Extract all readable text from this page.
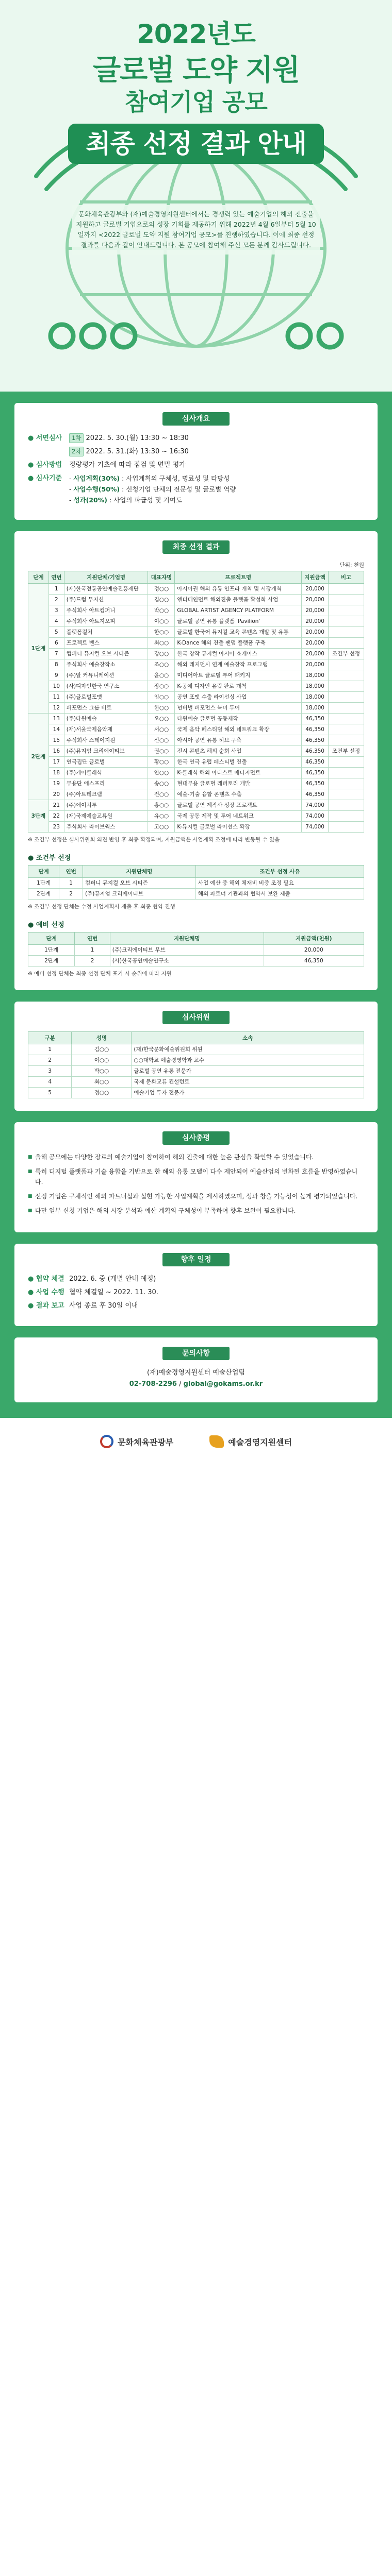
2022년도
글로벌 도약 지원
참여기업 공모
최종 선정 결과 안내
문화체육관광부와 (재)예술경영지원센터에서는 경쟁력 있는 예술기업의 해외 진출을 지원하고 글로벌 기업으로의 성장 기회를 제공하기 위해 2022년 4월 6일부터 5월 10일까지 <2022 글로벌 도약 지원 참여기업 공모>를 진행하였습니다. 이에 최종 선정 결과를 다음과 같이 안내드립니다. 본 공모에 참여해 주신 모든 분께 감사드립니다.
심사개요
● 서면심사	1차 2022. 5. 30.(월) 13:30 ~ 18:30
2차 2022. 5. 31.(화) 13:30 ~ 16:30
● 심사방법	정량평가 기초에 따라 점검 및 면밀 평가
● 심사기준	- 사업계획(30%) : 사업계획의 구체성, 명료성 및 타당성
- 사업수행(50%) : 신청기업 단체의 전문성 및 글로벌 역량
- 성과(20%) : 사업의 파급성 및 기여도
최종 선정 결과
단위: 천원
단계	연번	지원단체/기업명	대표자명	프로젝트명	지원금액	비고
1단계	1	(재)한국전통공연예술진흥재단	정○○	아시아권 해외 유통 인프라 개척 및 시장개척	20,000	
	2	(주)드럼 무지션	김○○	엔터테인먼트 해외진출 플랫폼 활성화 사업	20,000	
	3	주식회사 아트컴퍼니	박○○	GLOBAL ARTIST AGENCY PLATFORM	20,000	
	4	주식회사 아트지오피	이○○	글로벌 공연 유통 플랫폼 'Pavilion'	20,000	
	5	플랫폼컬처	한○○	글로벌 한국어 뮤지컬 교육 콘텐츠 개발 및 유통	20,000	
	6	프로젝트 밴스	최○○	K-Dance 해외 진출 팬덤 플랫폼 구축	20,000	
	7	컴퍼니 뮤지컬 오브 시티즌	강○○	한국 창작 뮤지컬 아시아 쇼케이스	20,000	조건부 선정
	8	주식회사 예술창작소	조○○	해외 레지던시 연계 예술창작 프로그램	20,000	
	9	(주)알 커뮤니케이션	윤○○	미디어아트 글로벌 투어 패키지	18,000	
	10	(사)디자인한국 연구소	장○○	K-공예 디자인 유럽 판로 개척	18,000	
	11	(주)글로벌포맷	임○○	공연 포맷 수출 라이선싱 사업	18,000	
	12	퍼포먼스 그룹 비트	한○○	넌버벌 퍼포먼스 북미 투어	18,000	
2단계	13	(주)다원예술	오○○	다원예술 글로벌 공동제작	46,350	
	14	(재)서울국제음악제	서○○	국제 음악 페스티벌 해외 네트워크 확장	46,350	
	15	주식회사 스테이지원	신○○	아시아 공연 유통 허브 구축	46,350	
	16	(주)뮤지엄 크리에이티브	권○○	전시 콘텐츠 해외 순회 사업	46,350	조건부 선정
	17	연극집단 글로벌	황○○	한국 연극 유럽 페스티벌 진출	46,350	
	18	(주)케이클래식	안○○	K-클래식 해외 아티스트 매니지먼트	46,350	
	19	무용단 에스프리	송○○	현대무용 글로벌 레퍼토리 개발	46,350	
	20	(주)아트테크랩	전○○	예술-기술 융합 콘텐츠 수출	46,350	
3단계	21	(주)에이치투	홍○○	글로벌 공연 제작사 성장 프로젝트	74,000	
	22	(재)국제예술교류원	유○○	국제 공동 제작 및 투어 네트워크	74,000	
	23	주식회사 라이브웍스	고○○	K-뮤지컬 글로벌 라이선스 확장	74,000	
※ 조건부 선정은 심사위원회 의견 반영 후 최종 확정되며, 지원금액은 사업계획 조정에 따라 변동될 수 있음
● 조건부 선정
단계	연번	지원단체명	조건부 선정 사유
1단계	1	컴퍼니 뮤지컬 오브 시티즌	사업 예산 중 해외 체재비 비중 조정 필요
2단계	2	(주)뮤지엄 크리에이티브	해외 파트너 기관과의 협약서 보완 제출
※ 조건부 선정 단체는 수정 사업계획서 제출 후 최종 협약 진행
● 예비 선정
단계	연번	지원단체명	지원금액(천원)
1단계	1	(주)크리에이티브 무브	20,000
2단계	2	(사)한국공연예술연구소	46,350
※ 예비 선정 단체는 최종 선정 단체 포기 시 순위에 따라 지원
심사위원
구분	성명	소속
1	김○○	(재)한국문화예술위원회 위원
2	이○○	○○대학교 예술경영학과 교수
3	박○○	글로벌 공연 유통 전문가
4	최○○	국제 문화교류 컨설턴트
5	정○○	예술기업 투자 전문가
심사총평
■ 올해 공모에는 다양한 장르의 예술기업이 참여하여 해외 진출에 대한 높은 관심을 확인할 수 있었습니다.
■ 특히 디지털 플랫폼과 기술 융합을 기반으로 한 해외 유통 모델이 다수 제안되어 예술산업의 변화된 흐름을 반영하였습니다.
■ 선정 기업은 구체적인 해외 파트너십과 실현 가능한 사업계획을 제시하였으며, 성과 창출 가능성이 높게 평가되었습니다.
■ 다만 일부 신청 기업은 해외 시장 분석과 예산 계획의 구체성이 부족하여 향후 보완이 필요합니다.
향후 일정
● 협약 체결 2022. 6. 중 (개별 안내 예정)
● 사업 수행 협약 체결일 ~ 2022. 11. 30.
● 결과 보고 사업 종료 후 30일 이내
문의사항
(재)예술경영지원센터 예술산업팀
02-708-2296 / global@gokams.or.kr
문화체육관광부	예술경영지원센터
